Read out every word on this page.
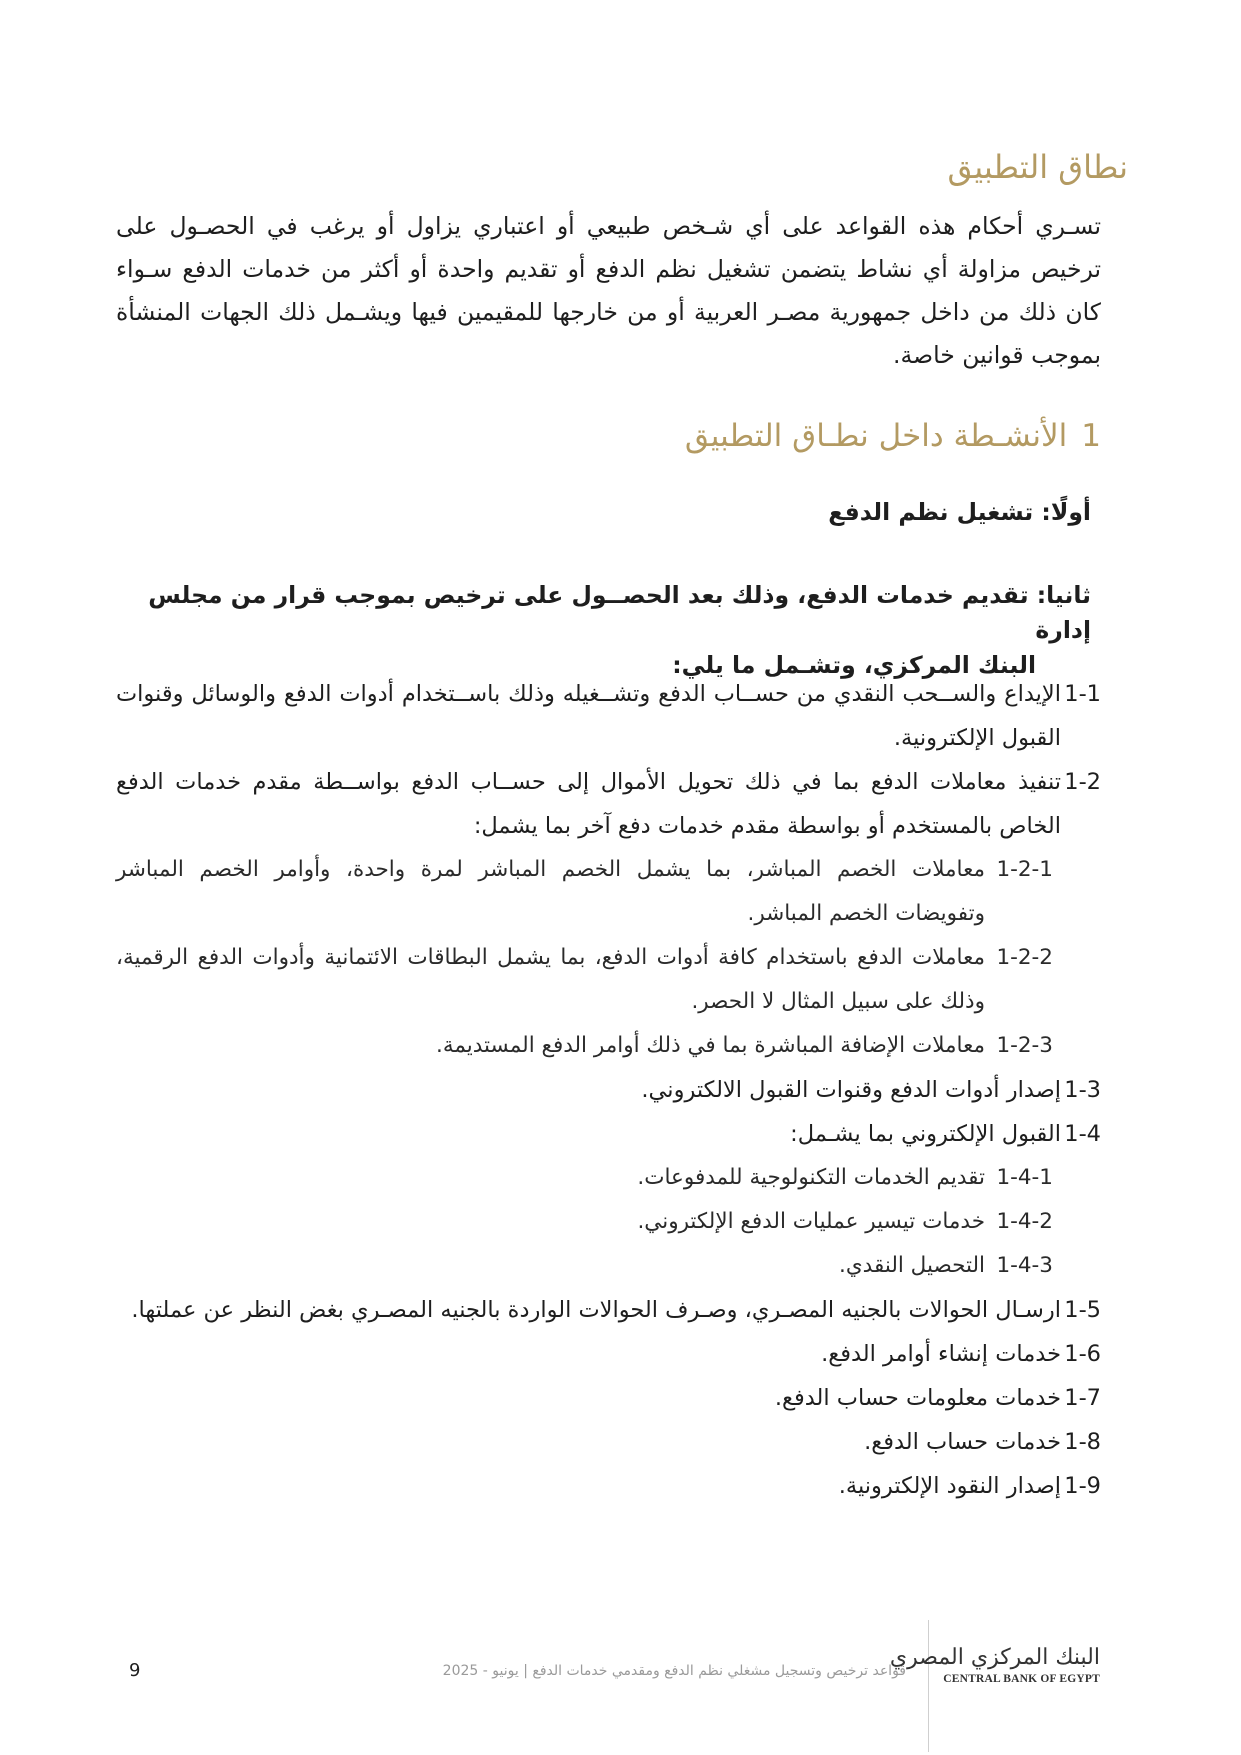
نطاق التطبيق

تسـري أحكام هذه القواعد على أي شـخص طبيعي أو اعتباري يزاول أو يرغب في الحصـول على ترخيص مزاولة أي نشاط يتضمن تشغيل نظم الدفع أو تقديم واحدة أو أكثر من خدمات الدفع سـواء كان ذلك من داخل جمهورية مصـر العربية أو من خارجها للمقيمين فيها ويشـمل ذلك الجهات المنشأة بموجب قوانين خاصة.

1الأنشـطة داخل نطـاق التطبيق
أولًا: تشغيل نظم الدفع
ثانيا: تقديم خدمات الدفع، وذلك بعد الحصــول على ترخيص بموجب قرار من مجلس إدارة
البنك المركزي، وتشـمل ما يلي:
1-1
الإيداع والســحب النقدي من حســاب الدفع وتشــغيله وذلك باســتخدام أدوات الدفع والوسائل وقنوات القبول الإلكترونية.
1-2
تنفيذ معاملات الدفع بما في ذلك تحويل الأموال إلى حســاب الدفع بواســطة مقدم خدمات الدفع الخاص بالمستخدم أو بواسطة مقدم خدمات دفع آخر بما يشمل:
1-2-1
معاملات الخصم المباشر، بما يشمل الخصم المباشر لمرة واحدة، وأوامر الخصم المباشر وتفويضات الخصم المباشر.
1-2-2
معاملات الدفع باستخدام كافة أدوات الدفع، بما يشمل البطاقات الائتمانية وأدوات الدفع الرقمية، وذلك على سبيل المثال لا الحصر.
1-2-3
معاملات الإضافة المباشرة بما في ذلك أوامر الدفع المستديمة.
1-3
إصدار أدوات الدفع وقنوات القبول الالكتروني.
1-4
القبول الإلكتروني بما يشـمل:
1-4-1
تقديم الخدمات التكنولوجية للمدفوعات.
1-4-2
خدمات تيسير عمليات الدفع الإلكتروني.
1-4-3
التحصيل النقدي.
1-5
ارسـال الحوالات بالجنيه المصـري، وصـرف الحوالات الواردة بالجنيه المصـري بغض النظر عن عملتها.
1-6
خدمات إنشاء أوامر الدفع.
1-7
خدمات معلومات حساب الدفع.
1-8
خدمات حساب الدفع.
1-9
إصدار النقود الإلكترونية.
قواعد ترخيص وتسجيل مشغلي نظم الدفع ومقدمي خدمات الدفع | يونيو - 2025
9
البنك المركزي المصري
CENTRAL BANK OF EGYPT
